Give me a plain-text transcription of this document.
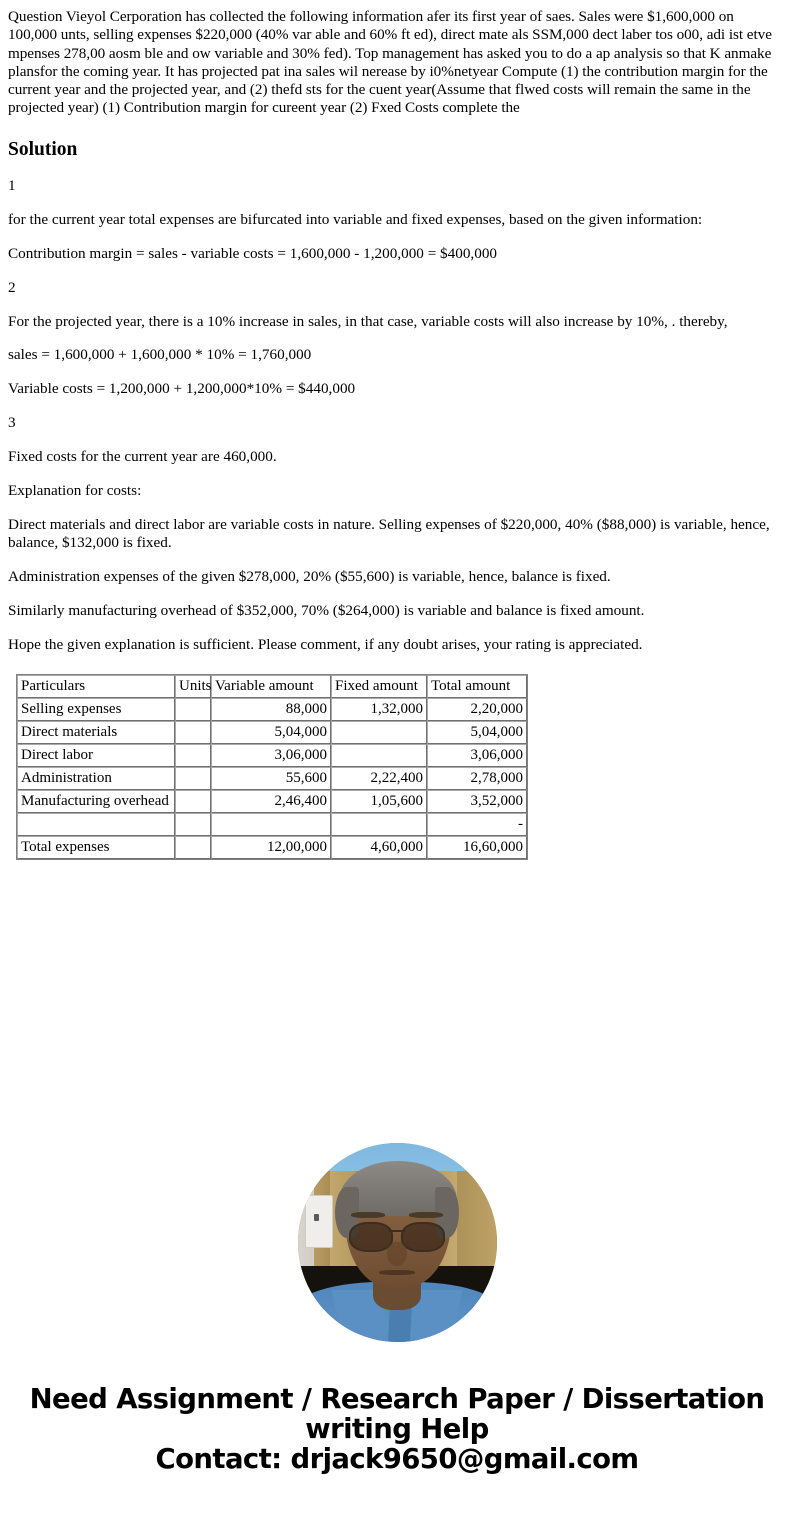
Question Vieyol Cerporation has collected the following information afer its first year of saes. Sales were $1,600,000 on 100,000 unts, selling expenses $220,000 (40% var able and 60% ft ed), direct mate als SSM,000 dect laber tos o00, adi ist etve mpenses 278,00 aosm ble and ow variable and 30% fed). Top management has asked you to do a ap analysis so that K anmake plansfor the coming year. It has projected pat ina sales wil nerease by i0%netyear Compute (1) the contribution margin for the current year and the projected year, and (2) thefd sts for the cuent year(Assume that flwed costs will remain the same in the projected year) (1) Contribution margin for cureent year (2) Fxed Costs complete the

Solution

1

for the current year total expenses are bifurcated into variable and fixed expenses, based on the given information:

Contribution margin = sales - variable costs = 1,600,000 - 1,200,000 = $400,000

2

For the projected year, there is a 10% increase in sales, in that case, variable costs will also increase by 10%, . thereby,

sales = 1,600,000 + 1,600,000 * 10% = 1,760,000

Variable costs = 1,200,000 + 1,200,000*10% = $440,000

3

Fixed costs for the current year are 460,000.

Explanation for costs:

Direct materials and direct labor are variable costs in nature. Selling expenses of $220,000, 40% ($88,000) is variable, hence, balance, $132,000 is fixed.

Administration expenses of the given $278,000, 20% ($55,600) is variable, hence, balance is fixed.

Similarly manufacturing overhead of $352,000, 70% ($264,000) is variable and balance is fixed amount.

Hope the given explanation is sufficient. Please comment, if any doubt arises, your rating is appreciated.

Particulars	Units	Variable amount	Fixed amount	Total amount
Selling expenses		88,000	1,32,000	2,20,000
Direct materials		5,04,000		5,04,000
Direct labor		3,06,000		3,06,000
Administration		55,600	2,22,400	2,78,000
Manufacturing overhead		2,46,400	1,05,600	3,52,000
				-
Total expenses		12,00,000	4,60,000	16,60,000
Need Assignment / Research Paper / Dissertation
writing Help
Contact: drjack9650@gmail.com
